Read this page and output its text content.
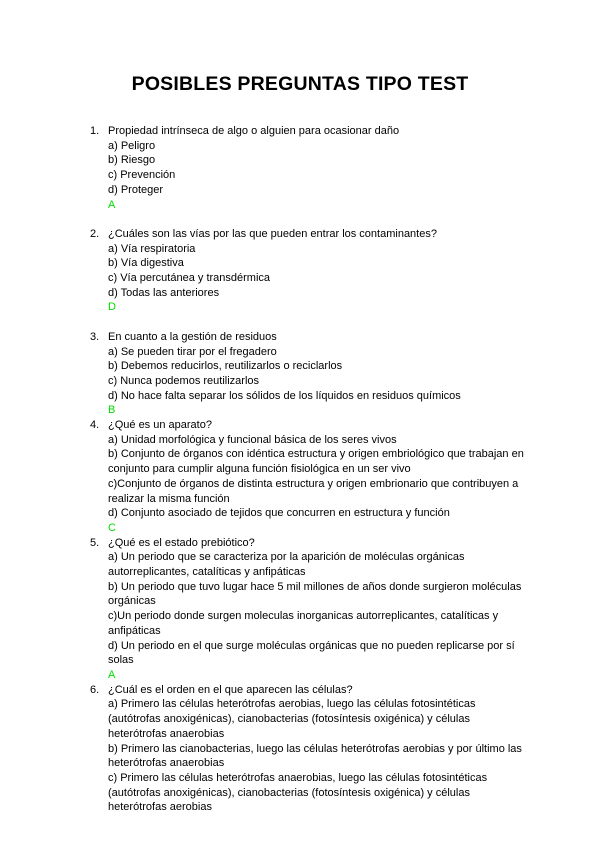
POSIBLES PREGUNTAS TIPO TEST
1. Propiedad intrínseca de algo o alguien para ocasionar daño
a) Peligro
b) Riesgo
c) Prevención
d) Proteger
A
2. ¿Cuáles son las vías por las que pueden entrar los contaminantes?
a) Vía respiratoria
b) Vía digestiva
c) Vía percutánea y transdérmica
d) Todas las anteriores
D
3. En cuanto a la gestión de residuos
a) Se pueden tirar por el fregadero
b) Debemos reducirlos, reutilizarlos o reciclarlos
c) Nunca podemos reutilizarlos
d) No hace falta separar los sólidos de los líquidos en residuos químicos
B
4. ¿Qué es un aparato?
a) Unidad morfológica y funcional básica de los seres vivos
b) Conjunto de órganos con idéntica estructura y origen embriológico que trabajan en conjunto para cumplir alguna función fisiológica en un ser vivo
c)Conjunto de órganos de distinta estructura y origen embrionario que contribuyen a realizar la misma función
d) Conjunto asociado de tejidos que concurren en estructura y función
C
5. ¿Qué es el estado prebiótico?
a) Un periodo que se caracteriza por la aparición de moléculas orgánicas autorreplicantes, catalíticas y anfipáticas
b) Un periodo que tuvo lugar hace 5 mil millones de años donde surgieron moléculas orgánicas
c)Un periodo donde surgen moleculas inorganicas autorreplicantes, catalíticas y anfipáticas
d) Un periodo en el que surge moléculas orgánicas que no pueden replicarse por sí solas
A
6. ¿Cuál es el orden en el que aparecen las células?
a) Primero las células heterótrofas aerobias, luego las células fotosintéticas (autótrofas anoxigénicas), cianobacterias (fotosíntesis oxigénica) y células heterótrofas anaerobias
b) Primero las cianobacterias, luego las células heterótrofas aerobias y por último las heterótrofas anaerobias
c) Primero las células heterótrofas anaerobias, luego las células fotosintéticas (autótrofas anoxigénicas), cianobacterias (fotosíntesis oxigénica) y células heterótrofas aerobias
